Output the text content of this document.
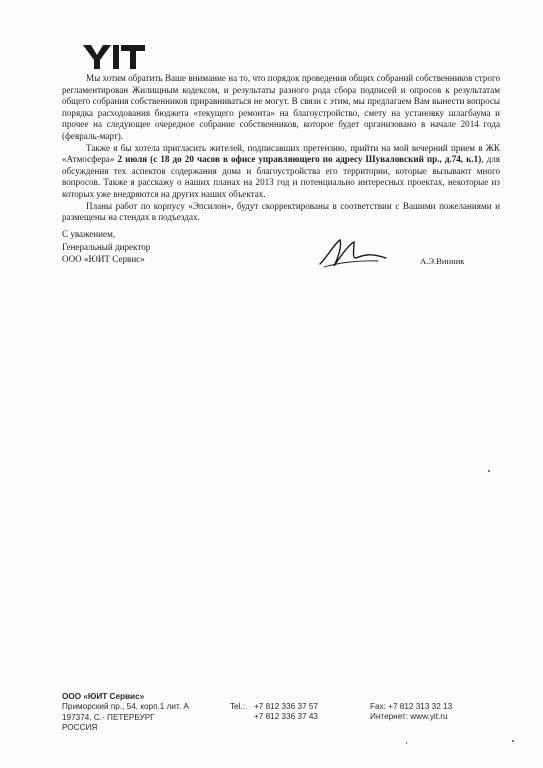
Мы хотим обратить Ваше внимание на то, что порядок проведения общих собраний собственников строго регламентирован Жилищным кодексом, и результаты разного рода сбора подписей и опросов к результатам общего собрания собственников приравниваться не могут. В связи с этим, мы предлагаем Вам вынести вопросы порядка расходования бюджета «текущего ремонта» на благоустройство, смету на установку шлагбаума и прочее на следующее очередное собрание собственников, которое будет организовано в начале 2014 года (февраль-март).

Также я бы хотела пригласить жителей, подписавших претензию, прийти на мой вечерний прием в ЖК «Атмосфера» 2 июля (с 18 до 20 часов в офисе управляющего по адресу Шуваловский пр., д.74, к.1), для обсуждения тех аспектов содержания дома и благоустройства его территории, которые вызывают много вопросов. Также я расскажу о наших планах на 2013 год и потенциально интересных проектах, некоторые из которых уже внедряются на других наших объектах.

Планы работ по корпусу «Эпсилон», будут скорректированы в соответствии с Вашими пожеланиями и размещены на стендах в подъездах.

С уважением,
Генеральный директор
ООО «ЮИТ Сервис»	А.Э.Винник
ООО «ЮИТ Сервис»
Приморский пр., 54, корп.1 лит. А
197374, С.- ПЕТЕРБУРГ
РОССИЯ
Tel.:	+7 812 336 37 57
+7 812 336 37 43
Fax: +7 812 313 32 13
Интернет: www.yit.ru
